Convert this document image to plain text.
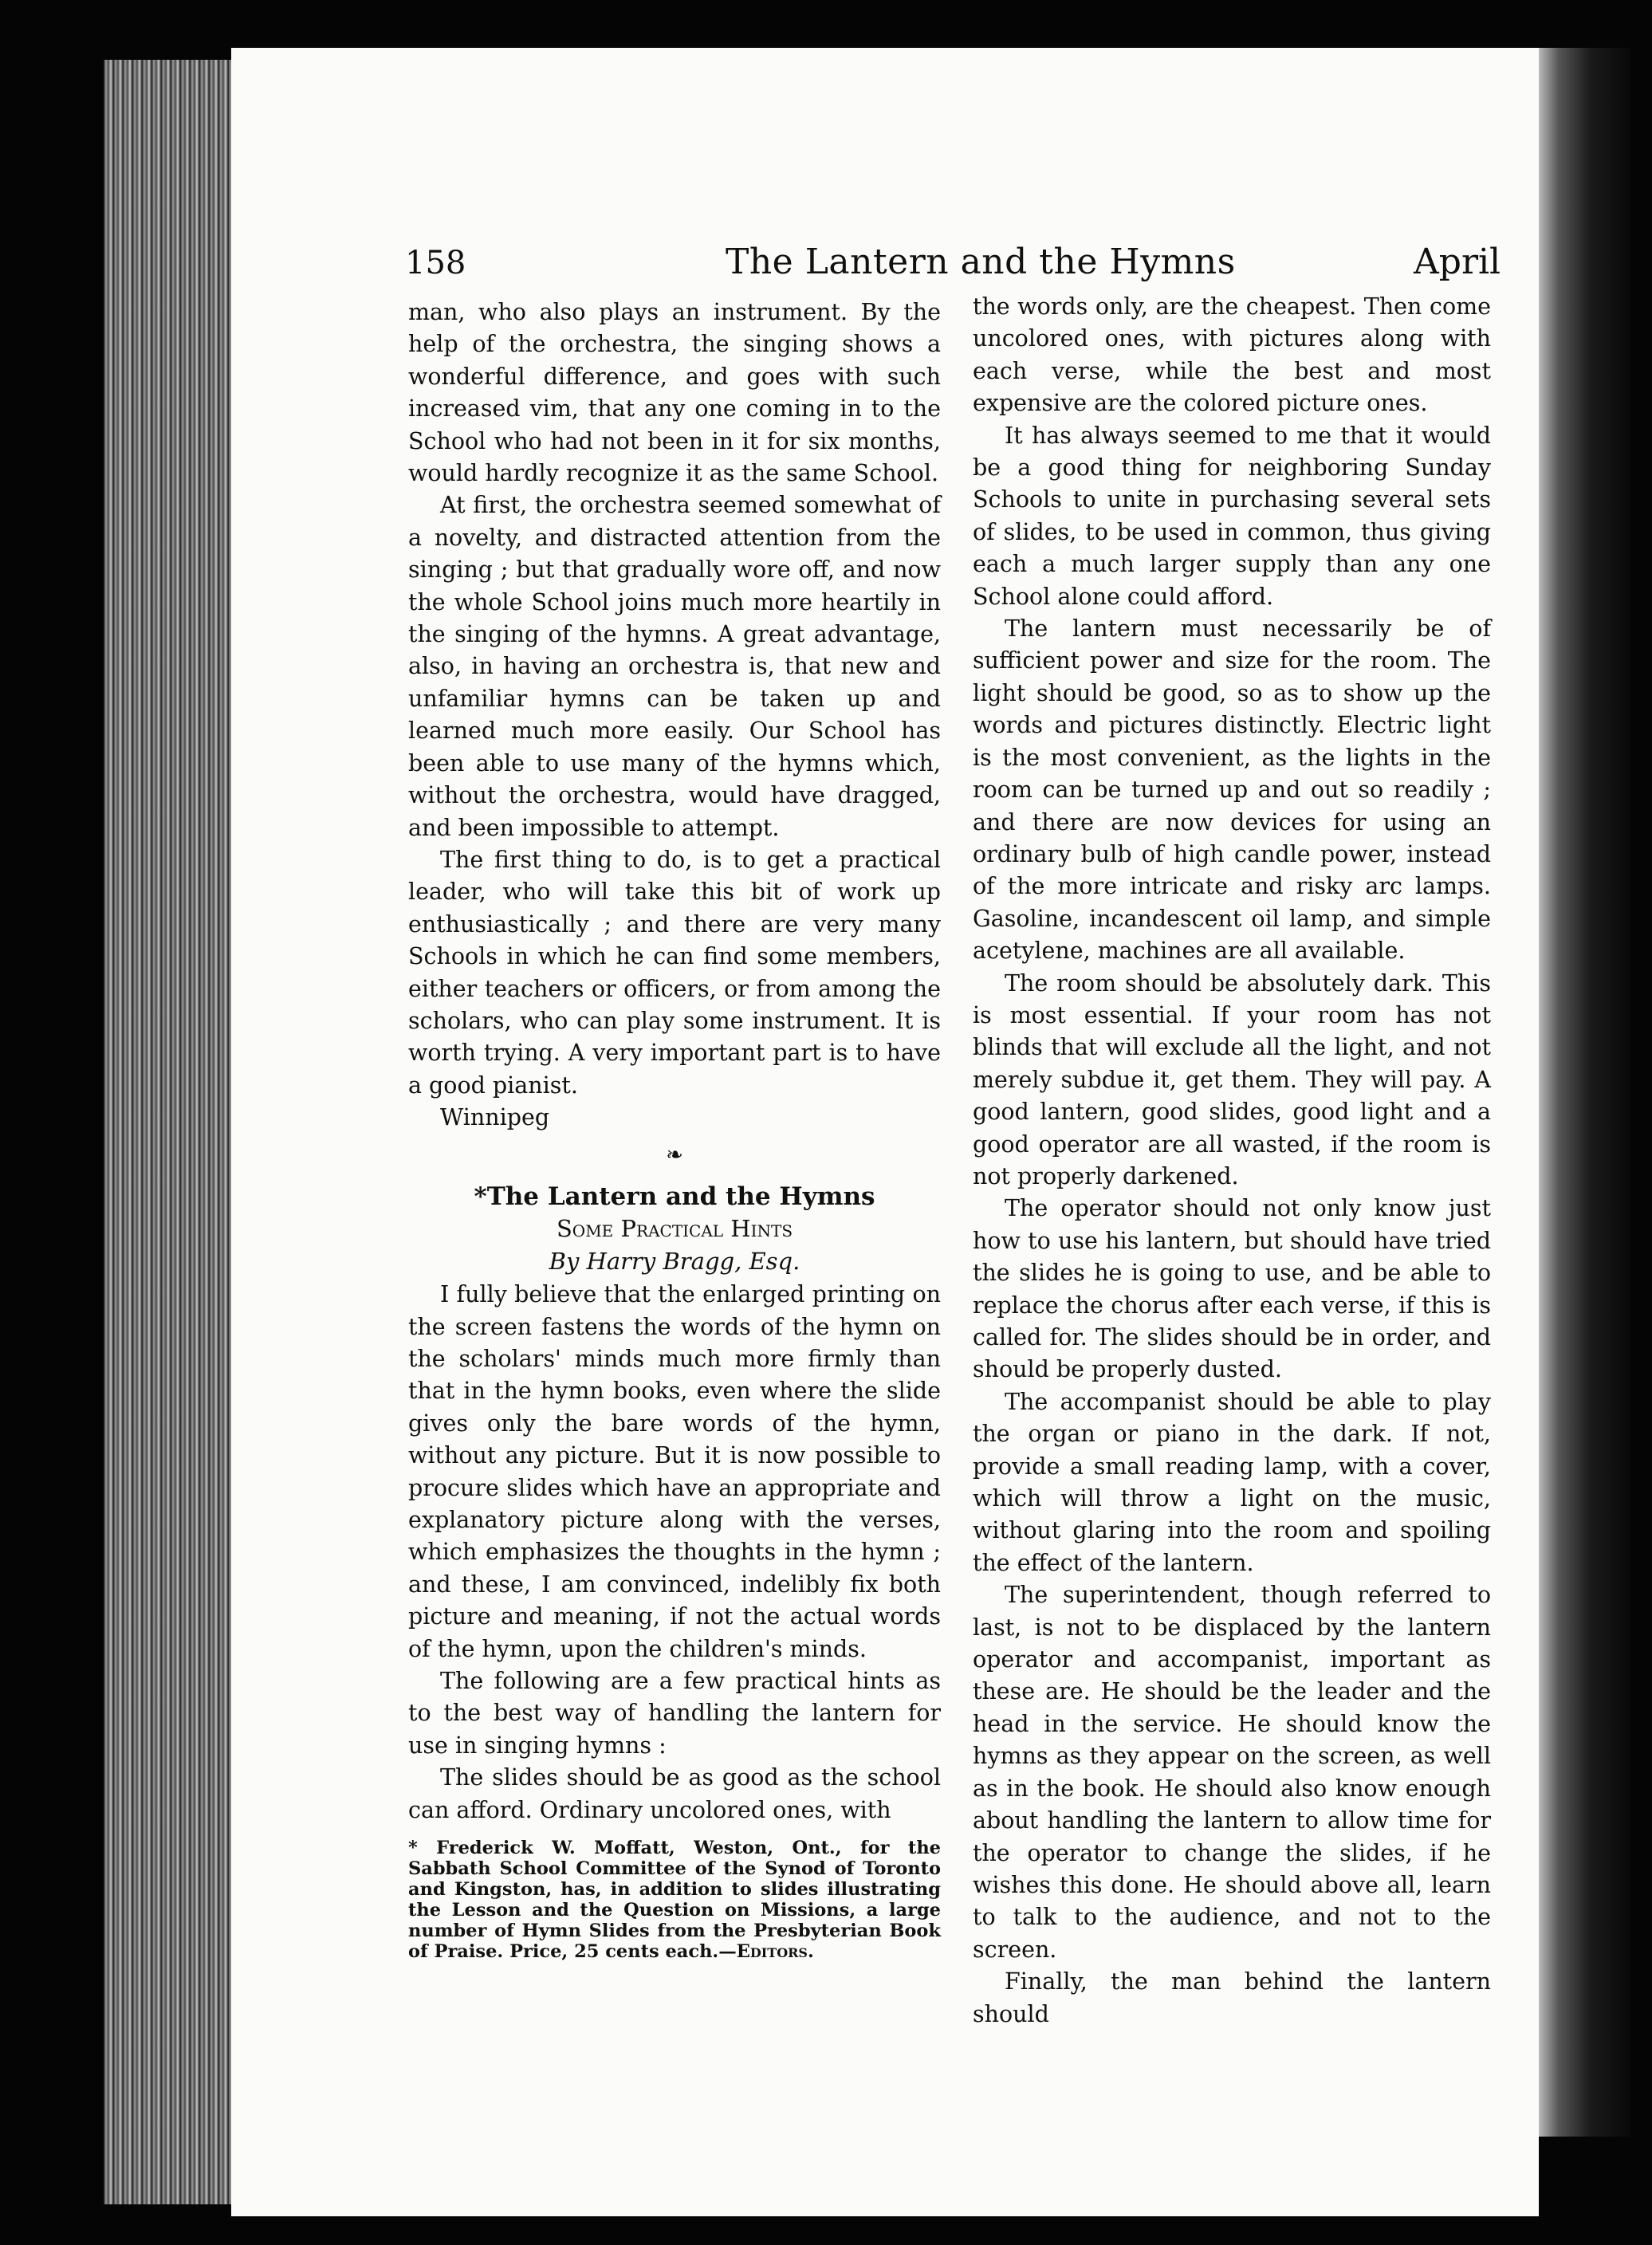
158	The Lantern and the Hymns	April

man, who also plays an instrument. By the help of the orchestra, the singing shows a wonderful difference, and goes with such increased vim, that any one coming in to the School who had not been in it for six months, would hardly recognize it as the same School.

At first, the orchestra seemed somewhat of a novelty, and distracted attention from the singing ; but that gradually wore off, and now the whole School joins much more heartily in the singing of the hymns. A great advantage, also, in having an orchestra is, that new and unfamiliar hymns can be taken up and learned much more easily. Our School has been able to use many of the hymns which, without the orchestra, would have dragged, and been impossible to attempt.

The first thing to do, is to get a practical leader, who will take this bit of work up enthusiastically ; and there are very many Schools in which he can find some members, either teachers or officers, or from among the scholars, who can play some instrument. It is worth trying. A very important part is to have a good pianist.

Winnipeg
❧
*The Lantern and the Hymns
Some Practical Hints
By Harry Bragg, Esq.

I fully believe that the enlarged printing on the screen fastens the words of the hymn on the scholars' minds much more firmly than that in the hymn books, even where the slide gives only the bare words of the hymn, without any picture. But it is now possible to procure slides which have an appropriate and explanatory picture along with the verses, which emphasizes the thoughts in the hymn ; and these, I am convinced, indelibly fix both picture and meaning, if not the actual words of the hymn, upon the children's minds.

The following are a few practical hints as to the best way of handling the lantern for use in singing hymns :

The slides should be as good as the school can afford. Ordinary uncolored ones, with

* Frederick W. Moffatt, Weston, Ont., for the Sabbath School Committee of the Synod of Toronto and Kingston, has, in addition to slides illustrating the Lesson and the Question on Missions, a large number of Hymn Slides from the Presbyterian Book of Praise. Price, 25 cents each.—Editors.

the words only, are the cheapest. Then come uncolored ones, with pictures along with each verse, while the best and most expensive are the colored picture ones.

It has always seemed to me that it would be a good thing for neighboring Sunday Schools to unite in purchasing several sets of slides, to be used in common, thus giving each a much larger supply than any one School alone could afford.

The lantern must necessarily be of sufficient power and size for the room. The light should be good, so as to show up the words and pictures distinctly. Electric light is the most convenient, as the lights in the room can be turned up and out so readily ; and there are now devices for using an ordinary bulb of high candle power, instead of the more intricate and risky arc lamps. Gasoline, incandescent oil lamp, and simple acetylene, machines are all available.

The room should be absolutely dark. This is most essential. If your room has not blinds that will exclude all the light, and not merely subdue it, get them. They will pay. A good lantern, good slides, good light and a good operator are all wasted, if the room is not properly darkened.

The operator should not only know just how to use his lantern, but should have tried the slides he is going to use, and be able to replace the chorus after each verse, if this is called for. The slides should be in order, and should be properly dusted.

The accompanist should be able to play the organ or piano in the dark. If not, provide a small reading lamp, with a cover, which will throw a light on the music, without glaring into the room and spoiling the effect of the lantern.

The superintendent, though referred to last, is not to be displaced by the lantern operator and accompanist, important as these are. He should be the leader and the head in the service. He should know the hymns as they appear on the screen, as well as in the book. He should also know enough about handling the lantern to allow time for the operator to change the slides, if he wishes this done. He should above all, learn to talk to the audience, and not to the screen.

Finally, the man behind the lantern should
